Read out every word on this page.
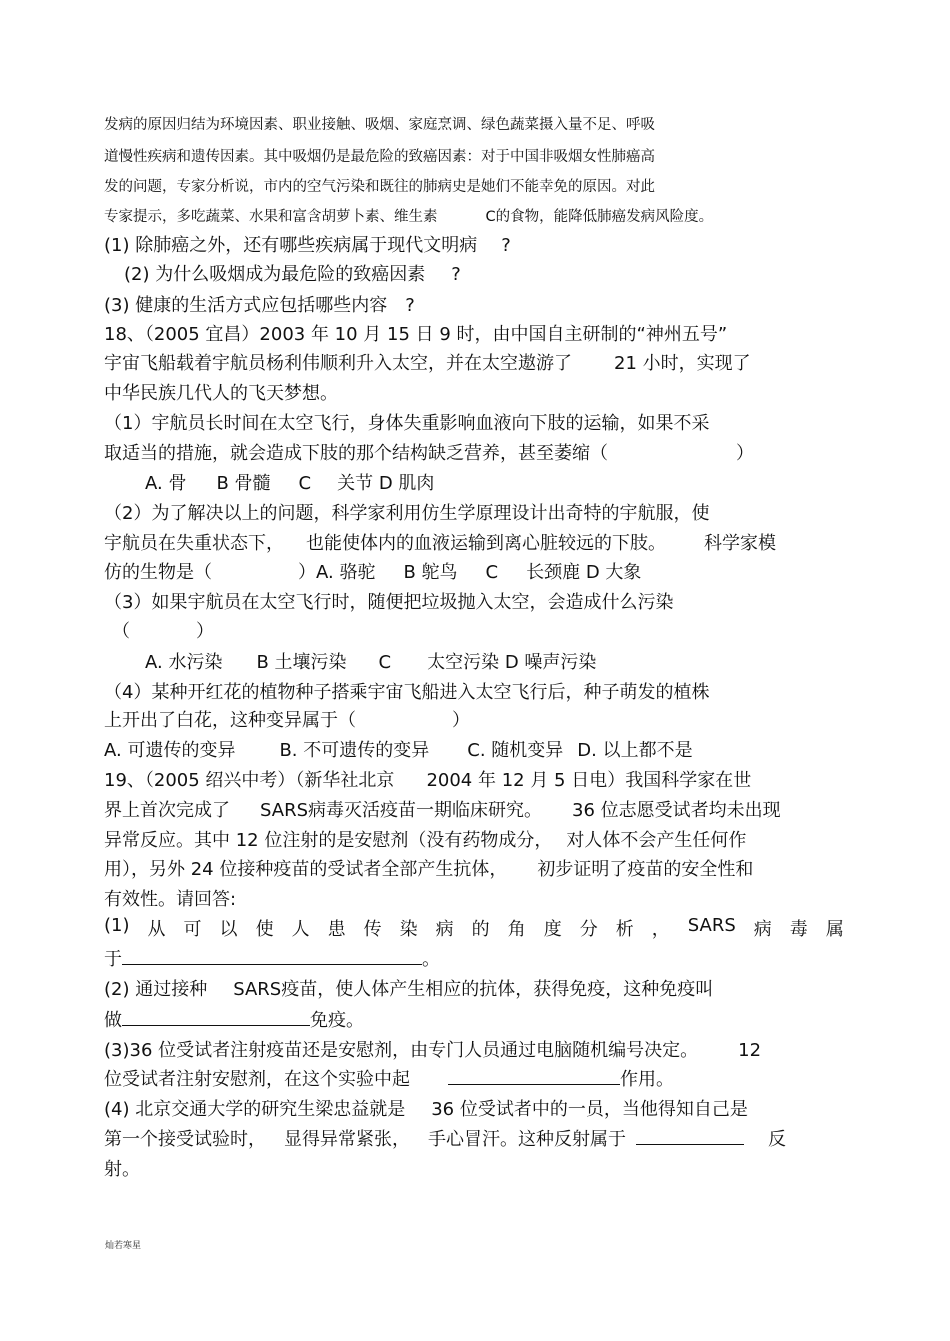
发病的原因归结为环境因素、职业接触、吸烟、家庭烹调、绿色蔬菜摄入量不足、呼吸

道慢性疾病和遗传因素。其中吸烟仍是最危险的致癌因素：对于中国非吸烟女性肺癌高

发的问题，专家分析说，市内的空气污染和既往的肺病史是她们不能幸免的原因。对此

专家提示，多吃蔬菜、水果和富含胡萝卜素、维生素	C的食物，能降低肺癌发病风险度。

(1) 除肺癌之外，还有哪些疾病属于现代文明病 ?

(2) 为什么吸烟成为最危险的致癌因素 ?

(3) 健康的生活方式应包括哪些内容 ?

18、（2005 宜昌）2003 年 10 月 15 日 9 时，由中国自主研制的“神州五号”

宇宙飞船载着宇航员杨利伟顺利升入太空，并在太空遨游了 21 小时，实现了

中华民族几代人的飞天梦想。

（1）宇航员长时间在太空飞行，身体失重影响血液向下肢的运输，如果不采

取适当的措施，就会造成下肢的那个结构缺乏营养，甚至萎缩（	）

A. 骨 B 骨髓 C 关节 D 肌肉

（2）为了解决以上的问题，科学家利用仿生学原理设计出奇特的宇航服，使

宇航员在失重状态下， 也能使体内的血液运输到离心脏较远的下肢。 科学家模

仿的生物是（	）A. 骆驼 B 鸵鸟 C 长颈鹿 D 大象

（3）如果宇航员在太空飞行时，随便把垃圾抛入太空，会造成什么污染

（	）

A. 水污染 B 土壤污染 C 太空污染 D 噪声污染

（4）某种开红花的植物种子搭乘宇宙飞船进入太空飞行后，种子萌发的植株

上开出了白花，这种变异属于（	）

A. 可遗传的变异 B. 不可遗传的变异 C. 随机变异 D. 以上都不是

19、（2005 绍兴中考）（新华社北京 2004 年 12 月 5 日电）我国科学家在世

界上首次完成了 SARS病毒灭活疫苗一期临床研究。 36 位志愿受试者均未出现

异常反应。其中 12 位注射的是安慰剂（没有药物成分， 对人体不会产生任何作

用），另外 24 位接种疫苗的受试者全部产生抗体， 初步证明了疫苗的安全性和

有效性。请回答:

(1) 从 可 以 使 人 患 传 染 病 的 角 度 分 析 ， SARS 病 毒 属

于	。

(2) 通过接种 SARS疫苗，使人体产生相应的抗体，获得免疫，这种免疫叫

做	免疫。

(3)36 位受试者注射疫苗还是安慰剂，由专门人员通过电脑随机编号决定。 12

位受试者注射安慰剂，在这个实验中起	作用。

(4) 北京交通大学的研究生梁忠益就是 36 位受试者中的一员，当他得知自己是

第一个接受试验时， 显得异常紧张， 手心冒汗。这种反射属于	反

射。

灿若寒星
